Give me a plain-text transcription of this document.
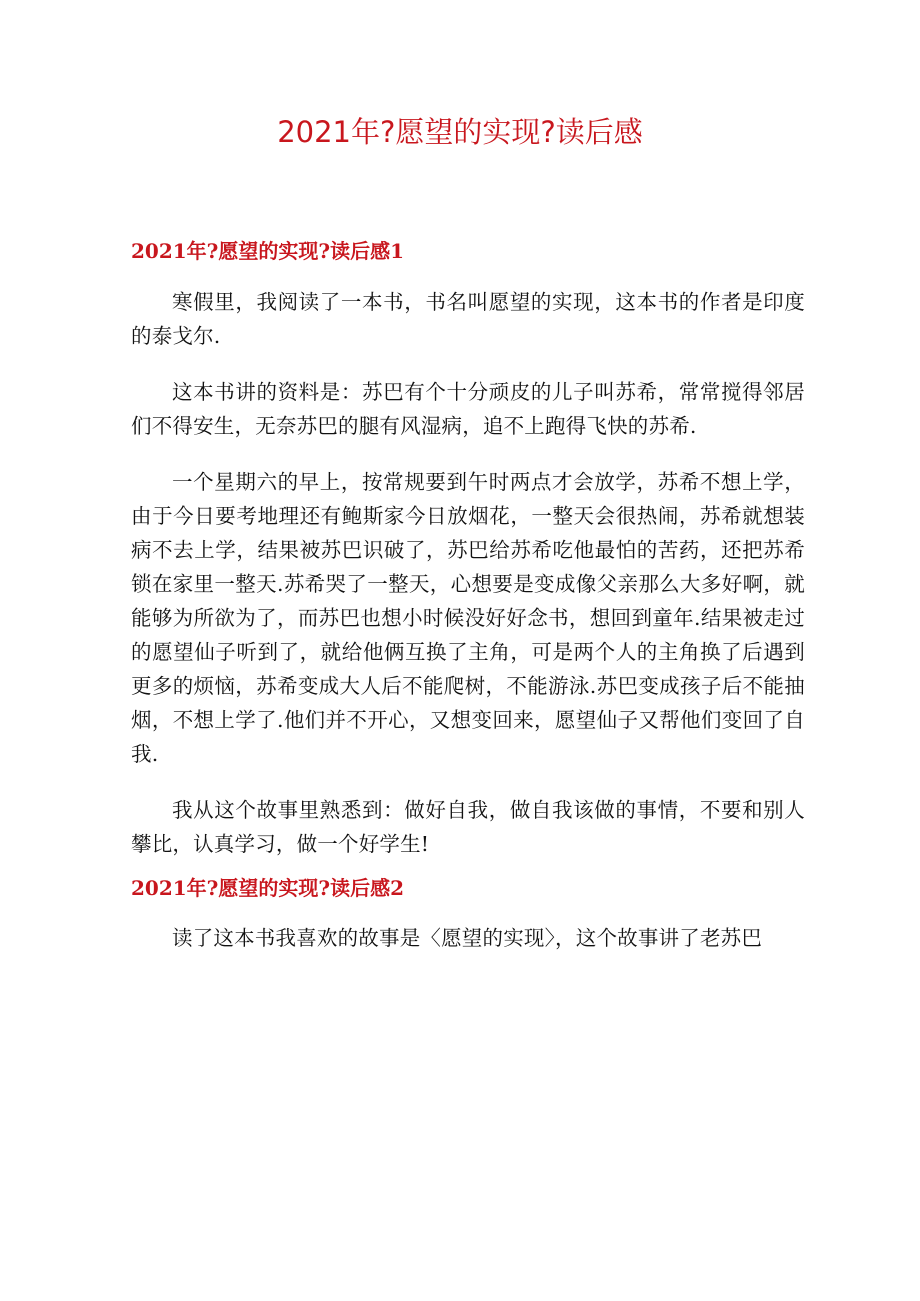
2021年?愿望的实现?读后感
2021年?愿望的实现?读后感1

寒假里，我阅读了一本书，书名叫愿望的实现，这本书的作者是印度的泰戈尔.

这本书讲的资料是：苏巴有个十分顽皮的儿子叫苏希，常常搅得邻居们不得安生，无奈苏巴的腿有风湿病，追不上跑得飞快的苏希.

一个星期六的早上，按常规要到午时两点才会放学，苏希不想上学，由于今日要考地理还有鲍斯家今日放烟花，一整天会很热闹，苏希就想装病不去上学，结果被苏巴识破了，苏巴给苏希吃他最怕的苦药，还把苏希锁在家里一整天.苏希哭了一整天，心想要是变成像父亲那么大多好啊，就能够为所欲为了，而苏巴也想小时候没好好念书，想回到童年.结果被走过的愿望仙子听到了，就给他俩互换了主角，可是两个人的主角换了后遇到更多的烦恼，苏希变成大人后不能爬树，不能游泳.苏巴变成孩子后不能抽烟，不想上学了.他们并不开心，又想变回来，愿望仙子又帮他们变回了自我.

我从这个故事里熟悉到：做好自我，做自我该做的事情，不要和别人攀比，认真学习，做一个好学生!

2021年?愿望的实现?读后感2

读了这本书我喜欢的故事是〈愿望的实现〉，这个故事讲了老苏巴
